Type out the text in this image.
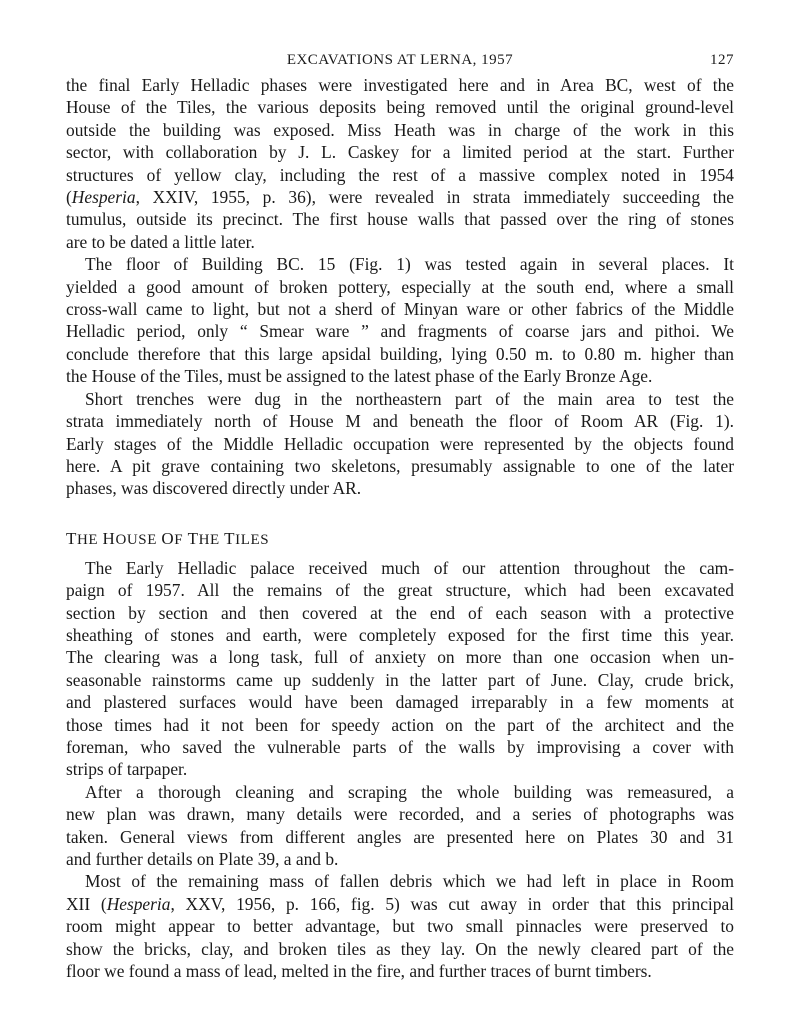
EXCAVATIONS AT LERNA, 1957	127
the final Early Helladic phases were investigated here and in Area BC, west of the
House of the Tiles, the various deposits being removed until the original ground-level
outside the building was exposed. Miss Heath was in charge of the work in this
sector, with collaboration by J. L. Caskey for a limited period at the start. Further
structures of yellow clay, including the rest of a massive complex noted in 1954
(Hesperia, XXIV, 1955, p. 36), were revealed in strata immediately succeeding the
tumulus, outside its precinct. The first house walls that passed over the ring of stones
are to be dated a little later.
The floor of Building BC. 15 (Fig. 1) was tested again in several places. It
yielded a good amount of broken pottery, especially at the south end, where a small
cross-wall came to light, but not a sherd of Minyan ware or other fabrics of the Middle
Helladic period, only “ Smear ware ” and fragments of coarse jars and pithoi. We
conclude therefore that this large apsidal building, lying 0.50 m. to 0.80 m. higher than
the House of the Tiles, must be assigned to the latest phase of the Early Bronze Age.
Short trenches were dug in the northeastern part of the main area to test the
strata immediately north of House M and beneath the floor of Room AR (Fig. 1).
Early stages of the Middle Helladic occupation were represented by the objects found
here. A pit grave containing two skeletons, presumably assignable to one of the later
phases, was discovered directly under AR.
THE HOUSE OF THE TILES
The Early Helladic palace received much of our attention throughout the cam-
paign of 1957. All the remains of the great structure, which had been excavated
section by section and then covered at the end of each season with a protective
sheathing of stones and earth, were completely exposed for the first time this year.
The clearing was a long task, full of anxiety on more than one occasion when un-
seasonable rainstorms came up suddenly in the latter part of June. Clay, crude brick,
and plastered surfaces would have been damaged irreparably in a few moments at
those times had it not been for speedy action on the part of the architect and the
foreman, who saved the vulnerable parts of the walls by improvising a cover with
strips of tarpaper.
After a thorough cleaning and scraping the whole building was remeasured, a
new plan was drawn, many details were recorded, and a series of photographs was
taken. General views from different angles are presented here on Plates 30 and 31
and further details on Plate 39, a and b.
Most of the remaining mass of fallen debris which we had left in place in Room
XII (Hesperia, XXV, 1956, p. 166, fig. 5) was cut away in order that this principal
room might appear to better advantage, but two small pinnacles were preserved to
show the bricks, clay, and broken tiles as they lay. On the newly cleared part of the
floor we found a mass of lead, melted in the fire, and further traces of burnt timbers.
